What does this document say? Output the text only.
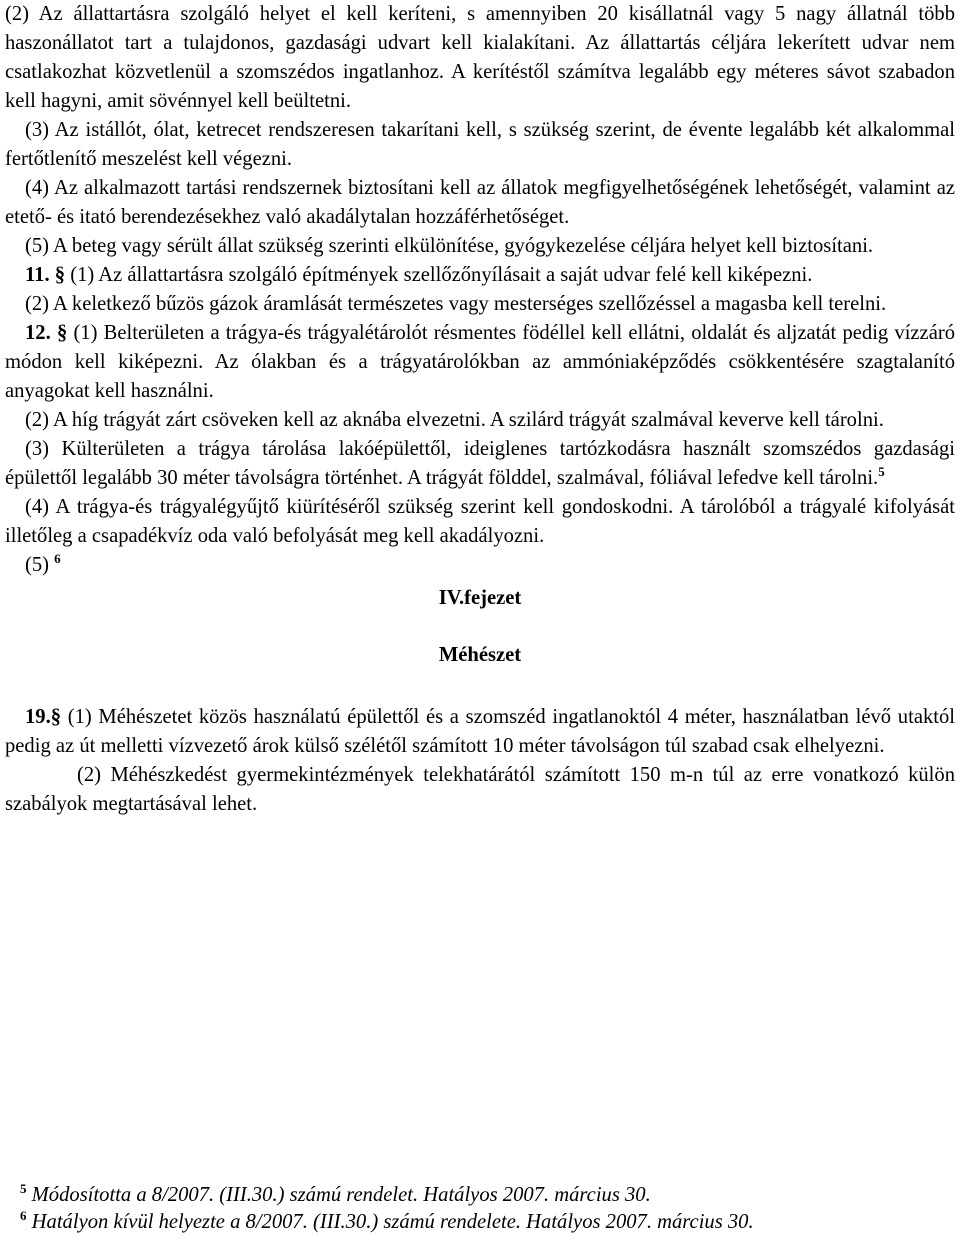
(2) Az állattartásra szolgáló helyet el kell keríteni, s amennyiben 20 kisállatnál vagy 5 nagy állatnál több haszonállatot tart a tulajdonos, gazdasági udvart kell kialakítani. Az állattartás céljára lekerített udvar nem csatlakozhat közvetlenül a szomszédos ingatlanhoz. A kerítéstől számítva legalább egy méteres sávot szabadon kell hagyni, amit sövénnyel kell beültetni.

(3) Az istállót, ólat, ketrecet rendszeresen takarítani kell, s szükség szerint, de évente legalább két alkalommal fertőtlenítő meszelést kell végezni.

(4) Az alkalmazott tartási rendszernek biztosítani kell az állatok megfigyelhetőségének lehetőségét, valamint az etető- és itató berendezésekhez való akadálytalan hozzáférhetőséget.

(5) A beteg vagy sérült állat szükség szerinti elkülönítése, gyógykezelése céljára helyet kell biztosítani.

11. § (1) Az állattartásra szolgáló építmények szellőzőnyílásait a saját udvar felé kell kiképezni.

(2) A keletkező bűzös gázok áramlását természetes vagy mesterséges szellőzéssel a magasba kell terelni.

12. § (1) Belterületen a trágya-és trágyalétárolót résmentes födéllel kell ellátni, oldalát és aljzatát pedig vízzáró módon kell kiképezni. Az ólakban és a trágyatárolókban az ammóniaképződés csökkentésére szagtalanító anyagokat kell használni.

(2) A híg trágyát zárt csöveken kell az aknába elvezetni. A szilárd trágyát szalmával keverve kell tárolni.

(3) Külterületen a trágya tárolása lakóépülettől, ideiglenes tartózkodásra használt szomszédos gazdasági épülettől legalább 30 méter távolságra történhet. A trágyát földdel, szalmával, fóliával lefedve kell tárolni.$^5$

(4) A trágya-és trágyalégyűjtő kiürítéséről szükség szerint kell gondoskodni. A tárolóból a trágyalé kifolyását illetőleg a csapadékvíz oda való befolyását meg kell akadályozni.

(5) $^6$

IV.fejezet

Méhészet

19.§ (1) Méhészetet közös használatú épülettől és a szomszéd ingatlanoktól 4 méter, használatban lévő utaktól pedig az út melletti vízvezető árok külső szélétől számított 10 méter távolságon túl szabad csak elhelyezni.

(2) Méhészkedést gyermekintézmények telekhatárától számított 150 m-n túl az erre vonatkozó külön szabályok megtartásával lehet.

$^5$ Módosította a 8/2007. (III.30.) számú rendelet. Hatályos 2007. március 30.

$^6$ Hatályon kívül helyezte a 8/2007. (III.30.) számú rendelete. Hatályos 2007. március 30.
